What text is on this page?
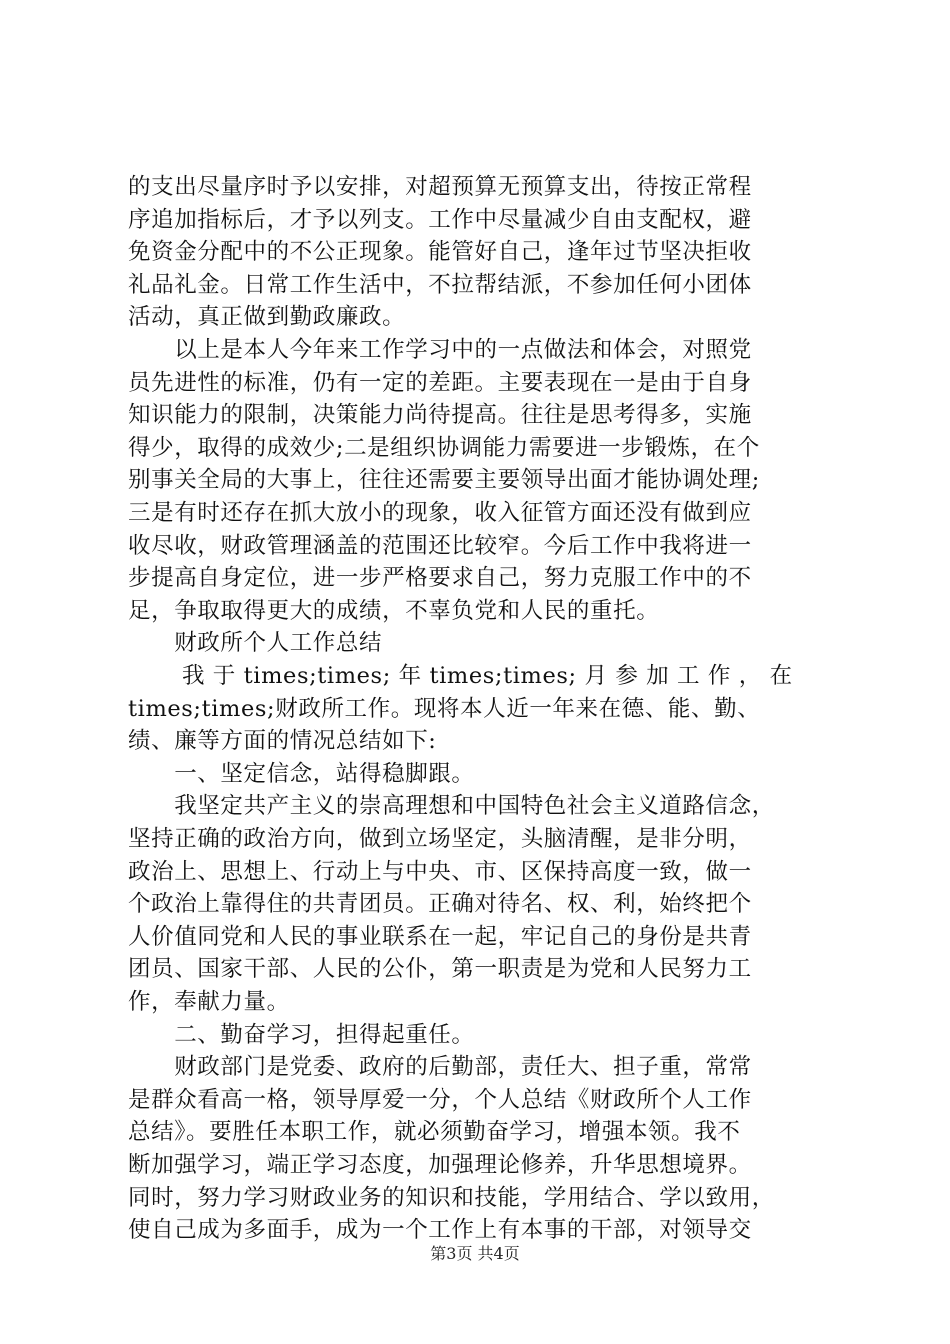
的支出尽量序时予以安排，对超预算无预算支出，待按正常程
序追加指标后，才予以列支。工作中尽量减少自由支配权，避
免资金分配中的不公正现象。能管好自己，逢年过节坚决拒收
礼品礼金。日常工作生活中，不拉帮结派，不参加任何小团体
活动，真正做到勤政廉政。
　　以上是本人今年来工作学习中的一点做法和体会，对照党
员先进性的标准，仍有一定的差距。主要表现在一是由于自身
知识能力的限制，决策能力尚待提高。往往是思考得多，实施
得少，取得的成效少;二是组织协调能力需要进一步锻炼，在个
别事关全局的大事上，往往还需要主要领导出面才能协调处理;
三是有时还存在抓大放小的现象，收入征管方面还没有做到应
收尽收，财政管理涵盖的范围还比较窄。今后工作中我将进一
步提高自身定位，进一步严格要求自己，努力克服工作中的不
足，争取取得更大的成绩，不辜负党和人民的重托。
　　财政所个人工作总结
　　 我 于 times;times; 年 times;times; 月 参 加 工 作 ， 在
times;times;财政所工作。现将本人近一年来在德、能、勤、
绩、廉等方面的情况总结如下:
　　一、坚定信念，站得稳脚跟。
　　我坚定共产主义的崇高理想和中国特色社会主义道路信念，
坚持正确的政治方向，做到立场坚定，头脑清醒，是非分明，
政治上、思想上、行动上与中央、市、区保持高度一致，做一
个政治上靠得住的共青团员。正确对待名、权、利，始终把个
人价值同党和人民的事业联系在一起，牢记自己的身份是共青
团员、国家干部、人民的公仆，第一职责是为党和人民努力工
作，奉献力量。
　　二、勤奋学习，担得起重任。
　　财政部门是党委、政府的后勤部，责任大、担子重，常常
是群众看高一格，领导厚爱一分，个人总结《财政所个人工作
总结》。要胜任本职工作，就必须勤奋学习，增强本领。我不
断加强学习，端正学习态度，加强理论修养，升华思想境界。
同时，努力学习财政业务的知识和技能，学用结合、学以致用，
使自己成为多面手，成为一个工作上有本事的干部，对领导交
第3页 共4页
